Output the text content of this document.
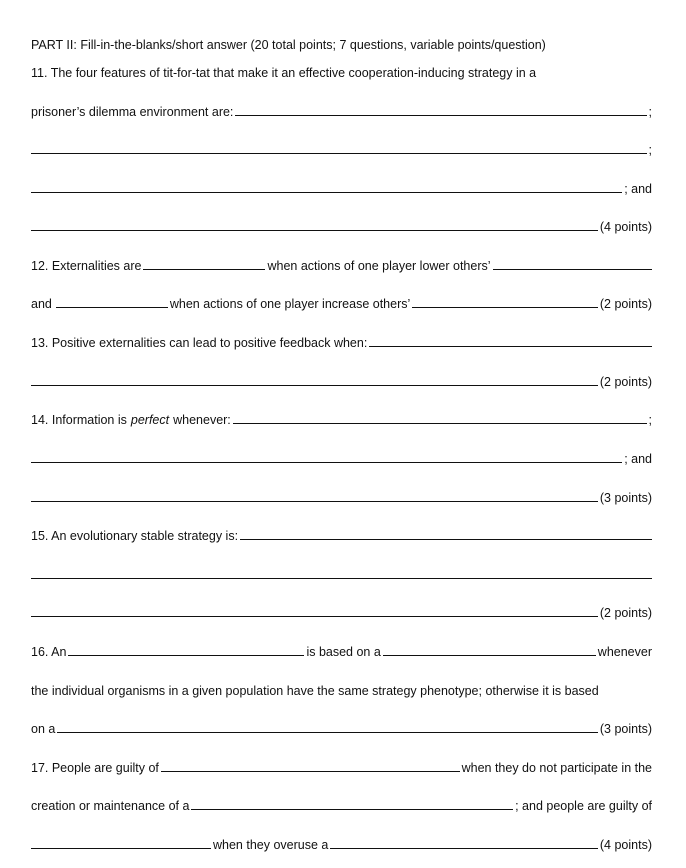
PART II: Fill-in-the-blanks/short answer (20 total points; 7 questions, variable points/question)
11. The four features of tit-for-tat that make it an effective cooperation-inducing strategy in a
prisoner’s dilemma environment are:	;
;
; and
(4 points)
12. Externalities are	when actions of one player lower others’
and	when actions of one player increase others’	(2 points)
13. Positive externalities can lead to positive feedback when:
(2 points)
14. Information is perfect whenever:	;
; and
(3 points)
15. An evolutionary stable strategy is:
(2 points)
16. An	is based on a	whenever
the individual organisms in a given population have the same strategy phenotype; otherwise it is based
on a	(3 points)
17. People are guilty of	when they do not participate in the
creation or maintenance of a	; and people are guilty of
when they overuse a	(4 points)
